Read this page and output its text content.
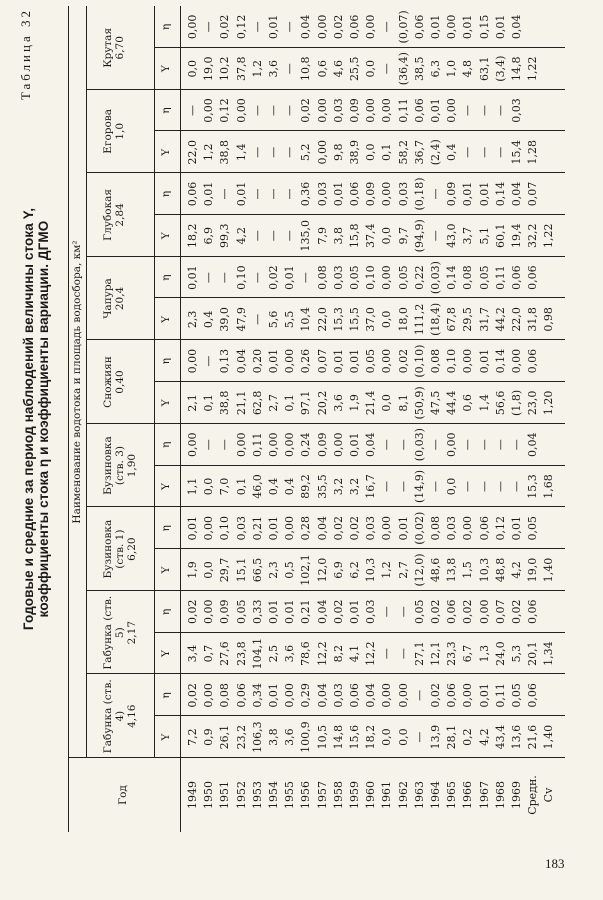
Таблица 32
Годовые и средние за период наблюдений величины стока Y, коэффициенты стока η и коэффициенты вариации. ДГМО
Год
Наименование водотока и площадь водосбора, км²
Габунка (ств. 4) 4,16
Y
η
Габунка (ств. 5) 2,17
Y
η
Бузиновка (ств. 1) 6,20
Y
η
Бузиновка (ств. 3) 1,90
Y
η
Сножиян 0,40
Y
η
Чапура 20,4
Y
η
Глубокая 2,84
Y
η
Егорова 1,0
Y
η
Крутая 6,70
Y
η
1949 1950 1951 1952 1953 1954 1955 1956 1957 1958 1959 1960 1961 1962 1963 1964 1965 1966 1967 1968 1969 Средн. Cv
7,2 0,9 26,1 23,2 106,3 3,8 3,6 100,9 10,5 14,8 15,6 18,2 0,0 0,0 — 13,9 28,1 0,2 4,2 43,4 13,6 21,6 1,40
0,02 0,00 0,08 0,06 0,34 0,01 0,00 0,29 0,04 0,03 0,06 0,04 0,00 0,00 — 0,02 0,06 0,00 0,01 0,11 0,05 0,06
3,4 0,7 27,6 23,8 104,1 2,5 3,6 78,6 12,2 8,2 4,1 12,2 — — 27,1 12,1 23,3 6,7 1,3 24,0 5,3 20,1 1,34
0,02 0,00 0,09 0,05 0,33 0,01 0,01 0,21 0,04 0,02 0,01 0,03 — — 0,05 0,02 0,06 0,02 0,00 0,07 0,02 0,06
1,9 0,0 29,7 15,1 66,5 2,3 0,5 102,1 12,0 6,9 6,2 10,3 1,2 2,7 (12,0) 48,6 13,8 1,5 10,3 48,8 4,2 19,0 1,40
0,01 0,00 0,10 0,03 0,21 0,01 0,00 0,28 0,04 0,02 0,02 0,03 0,00 0,01 (0,02) 0,08 0,03 0,00 0,06 0,12 0,01 0,05
1,1 0,0 7,0 0,1 46,0 0,4 0,4 89,2 35,5 3,2 3,2 16,7 — — (14,9) — 0,0 — — — — 15,3 1,68
0,00 — — 0,00 0,11 0,00 0,00 0,24 0,09 0,00 0,01 0,04 — — (0,03) — 0,00 — — — — 0,04
2,1 0,1 38,8 21,1 62,8 2,7 0,1 97,1 20,2 3,6 1,9 21,4 0,0 8,1 (50,9) 47,5 44,4 0,6 1,4 56,6 (1,8) 23,0 1,20
0,00 — 0,13 0,04 0,20 0,01 0,00 0,26 0,07 0,01 0,01 0,05 0,00 0,02 (0,10) 0,08 0,10 0,00 0,01 0,14 0,00 0,06
2,3 0,4 39,0 47,9 — 5,6 5,5 10,4 22,0 15,3 15,5 37,0 0,0 18,0 111,2 (18,4) 67,8 29,5 31,7 44,2 22,0 31,8 0,98
0,01 — — 0,10 — 0,02 0,01 — 0,08 0,03 0,05 0,10 0,00 0,05 0,22 (0,03) 0,14 0,08 0,05 0,11 0,06 0,06
18,2 6,9 99,3 4,2 — — — 135,0 7,9 3,8 15,8 37,4 0,0 9,7 (94,9) — 43,0 3,7 5,1 60,1 19,4 32,2 1,22
0,06 0,01 — 0,01 — — — 0,36 0,03 0,01 0,06 0,09 0,00 0,03 (0,18) — 0,09 0,01 0,01 0,14 0,04 0,07
22,0 1,2 38,8 1,4 — — — 5,2 0,00 9,8 38,9 0,0 0,1 58,2 36,7 (2,4) 0,4 — — — 15,4 1,28
— 0,00 0,12 0,00 — — — 0,02 0,00 0,03 0,09 0,00 0,00 0,11 0,06 0,01 0,00 — — — 0,03
0,0 19,0 10,2 37,8 1,2 3,6 — 10,8 0,6 4,6 25,5 0,0 — (36,4) 38,5 6,3 1,0 4,8 63,1 (3,4) 14,8 1,22
0,00 — 0,02 0,12 — 0,01 — 0,04 0,00 0,02 0,06 0,00 — (0,07) 0,06 0,01 0,00 0,01 0,15 0,01 0,04
183
